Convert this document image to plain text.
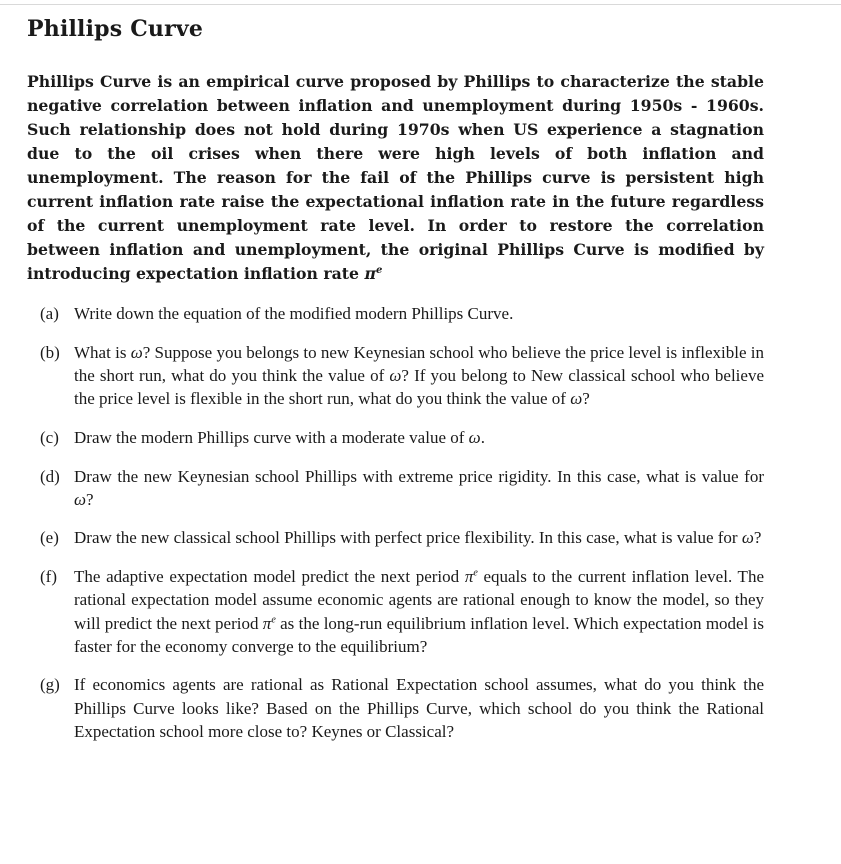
Phillips Curve

Phillips Curve is an empirical curve proposed by Phillips to characterize the stable negative correlation between inflation and unemployment during 1950s - 1960s. Such relationship does not hold during 1970s when US experience a stagnation due to the oil crises when there were high levels of both inflation and unemployment. The reason for the fail of the Phillips curve is persistent high current inflation rate raise the expectational inflation rate in the future regardless of the current unemployment rate level. In order to restore the correlation between inflation and unemployment, the original Phillips Curve is modified by introducing expectation inflation rate $\pi^e$

(a) Write down the equation of the modified modern Phillips Curve.
(b) What is ω? Suppose you belongs to new Keynesian school who believe the price level is inflexible in the short run, what do you think the value of ω? If you belong to New classical school who believe the price level is flexible in the short run, what do you think the value of ω?
(c) Draw the modern Phillips curve with a moderate value of ω.
(d) Draw the new Keynesian school Phillips with extreme price rigidity. In this case, what is value for ω?
(e) Draw the new classical school Phillips with perfect price flexibility. In this case, what is value for ω?
(f) The adaptive expectation model predict the next period $\pi^e$ equals to the current inflation level. The rational expectation model assume economic agents are rational enough to know the model, so they will predict the next period $\pi^e$ as the long-run equilibrium inflation level. Which expectation model is faster for the economy converge to the equilibrium?
(g) If economics agents are rational as Rational Expectation school assumes, what do you think the Phillips Curve looks like? Based on the Phillips Curve, which school do you think the Rational Expectation school more close to? Keynes or Classical?
